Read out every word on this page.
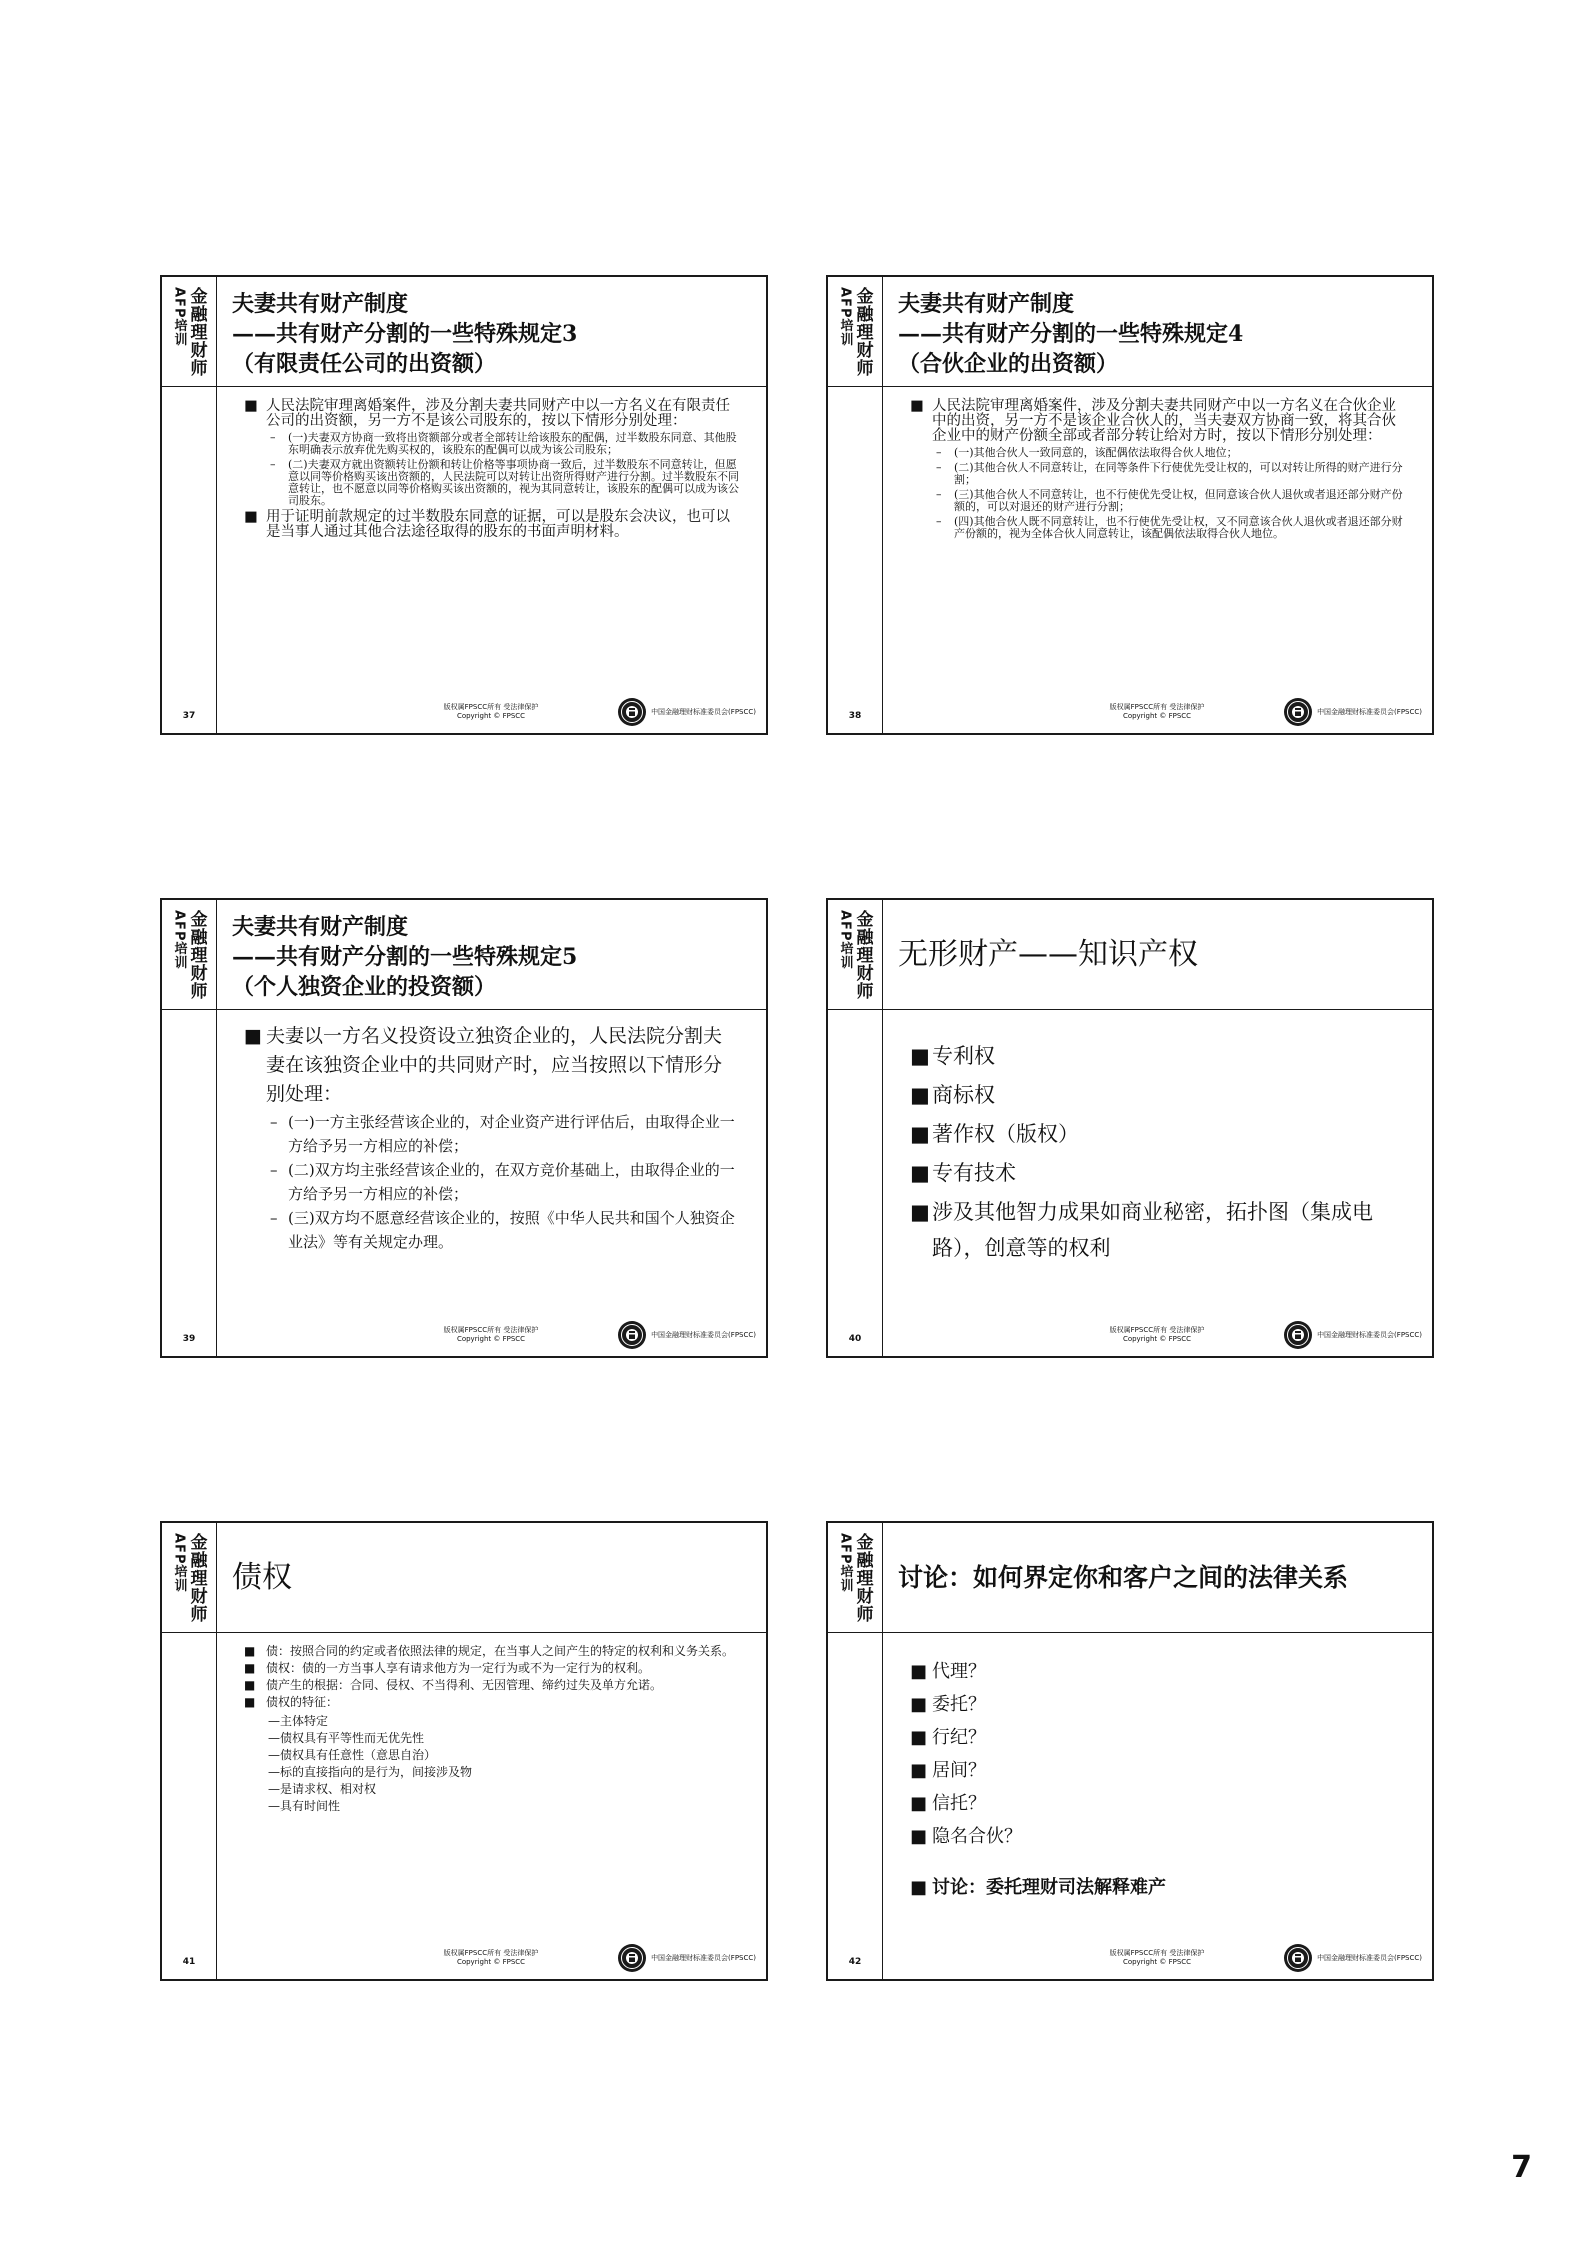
AFP培训 金融理财师
37
夫妻共有财产制度
——共有财产分割的一些特殊规定3
（有限责任公司的出资额）
■ 人民法院审理离婚案件，涉及分割夫妻共同财产中以一方名义在有限责任公司的出资额，另一方不是该公司股东的，按以下情形分别处理：
– (一)夫妻双方协商一致将出资额部分或者全部转让给该股东的配偶，过半数股东同意、其他股东明确表示放弃优先购买权的，该股东的配偶可以成为该公司股东；
– (二)夫妻双方就出资额转让份额和转让价格等事项协商一致后，过半数股东不同意转让，但愿意以同等价格购买该出资额的，人民法院可以对转让出资所得财产进行分割。过半数股东不同意转让，也不愿意以同等价格购买该出资额的，视为其同意转让，该股东的配偶可以成为该公司股东。
■ 用于证明前款规定的过半数股东同意的证据，可以是股东会决议，也可以是当事人通过其他合法途径取得的股东的书面声明材料。
版权属FPSCC所有 受法律保护
Copyright © FPSCC	中国金融理财标准委员会(FPSCC)
AFP培训 金融理财师
38
夫妻共有财产制度
——共有财产分割的一些特殊规定4
（合伙企业的出资额）
■ 人民法院审理离婚案件，涉及分割夫妻共同财产中以一方名义在合伙企业中的出资，另一方不是该企业合伙人的，当夫妻双方协商一致，将其合伙企业中的财产份额全部或者部分转让给对方时，按以下情形分别处理：
– (一)其他合伙人一致同意的，该配偶依法取得合伙人地位；
– (二)其他合伙人不同意转让，在同等条件下行使优先受让权的，可以对转让所得的财产进行分割；
– (三)其他合伙人不同意转让，也不行使优先受让权，但同意该合伙人退伙或者退还部分财产份额的，可以对退还的财产进行分割；
– (四)其他合伙人既不同意转让，也不行使优先受让权，又不同意该合伙人退伙或者退还部分财产份额的，视为全体合伙人同意转让，该配偶依法取得合伙人地位。
版权属FPSCC所有 受法律保护
Copyright © FPSCC	中国金融理财标准委员会(FPSCC)
AFP培训 金融理财师
39
夫妻共有财产制度
——共有财产分割的一些特殊规定5
（个人独资企业的投资额）
■ 夫妻以一方名义投资设立独资企业的，人民法院分割夫妻在该独资企业中的共同财产时，应当按照以下情形分别处理：
– (一)一方主张经营该企业的，对企业资产进行评估后，由取得企业一方给予另一方相应的补偿；
– (二)双方均主张经营该企业的，在双方竞价基础上，由取得企业的一方给予另一方相应的补偿；
– (三)双方均不愿意经营该企业的，按照《中华人民共和国个人独资企业法》等有关规定办理。
版权属FPSCC所有 受法律保护
Copyright © FPSCC	中国金融理财标准委员会(FPSCC)
AFP培训 金融理财师
40
无形财产——知识产权
■ 专利权
■ 商标权
■ 著作权（版权）
■ 专有技术
■ 涉及其他智力成果如商业秘密，拓扑图（集成电路），创意等的权利
版权属FPSCC所有 受法律保护
Copyright © FPSCC	中国金融理财标准委员会(FPSCC)
AFP培训 金融理财师
41
债权
■ 债：按照合同的约定或者依照法律的规定，在当事人之间产生的特定的权利和义务关系。
■ 债权：债的一方当事人享有请求他方为一定行为或不为一定行为的权利。
■ 债产生的根据：合同、侵权、不当得利、无因管理、缔约过失及单方允诺。
■ 债权的特征：
—主体特定
—债权具有平等性而无优先性
—债权具有任意性（意思自治）
—标的直接指向的是行为，间接涉及物
—是请求权、相对权
—具有时间性
版权属FPSCC所有 受法律保护
Copyright © FPSCC	中国金融理财标准委员会(FPSCC)
AFP培训 金融理财师
42
讨论：如何界定你和客户之间的法律关系
■ 代理？
■ 委托？
■ 行纪？
■ 居间？
■ 信托？
■ 隐名合伙？
■ 讨论：委托理财司法解释难产
版权属FPSCC所有 受法律保护
Copyright © FPSCC	中国金融理财标准委员会(FPSCC)
7
